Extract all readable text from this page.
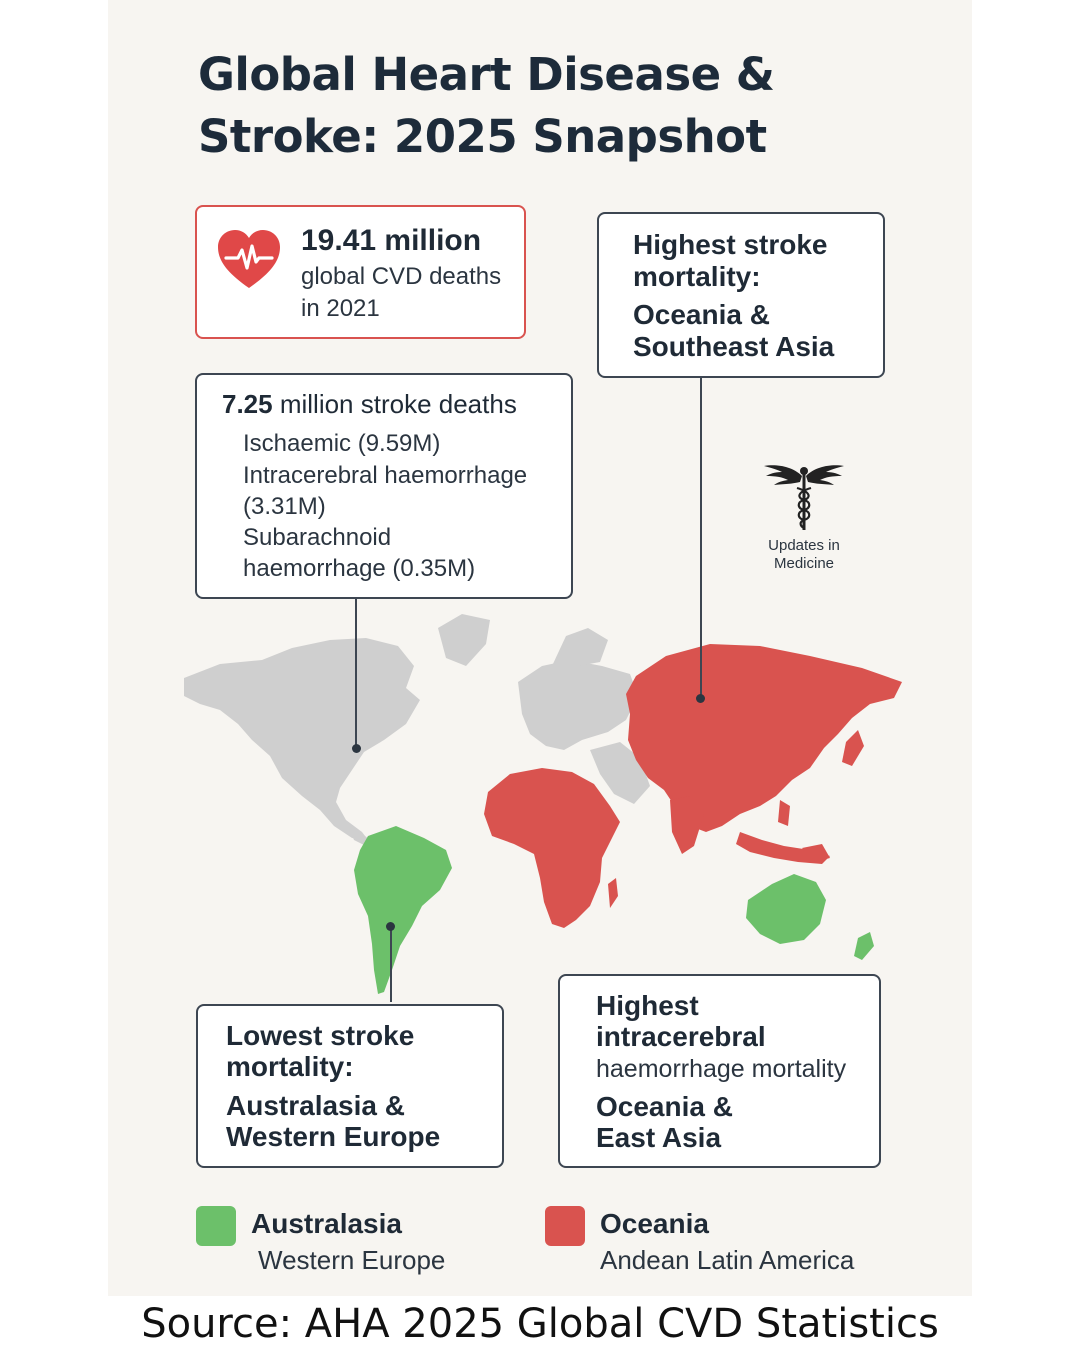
Global Heart Disease &
Stroke: 2025 Snapshot
19.41 million
global CVD deaths
in 2021
7.25 million stroke deaths
Ischaemic (9.59M)
Intracerebral haemorrhage
(3.31M)
Subarachnoid
haemorrhage (0.35M)
Highest stroke
mortality:
Oceania &
Southeast Asia
Updates in
Medicine
Lowest stroke
mortality:
Australasia &
Western Europe
Highest
intracerebral
haemorrhage mortality
Oceania &
East Asia
Australasia
Western Europe
Oceania
Andean Latin America
Source: AHA 2025 Global CVD Statistics
